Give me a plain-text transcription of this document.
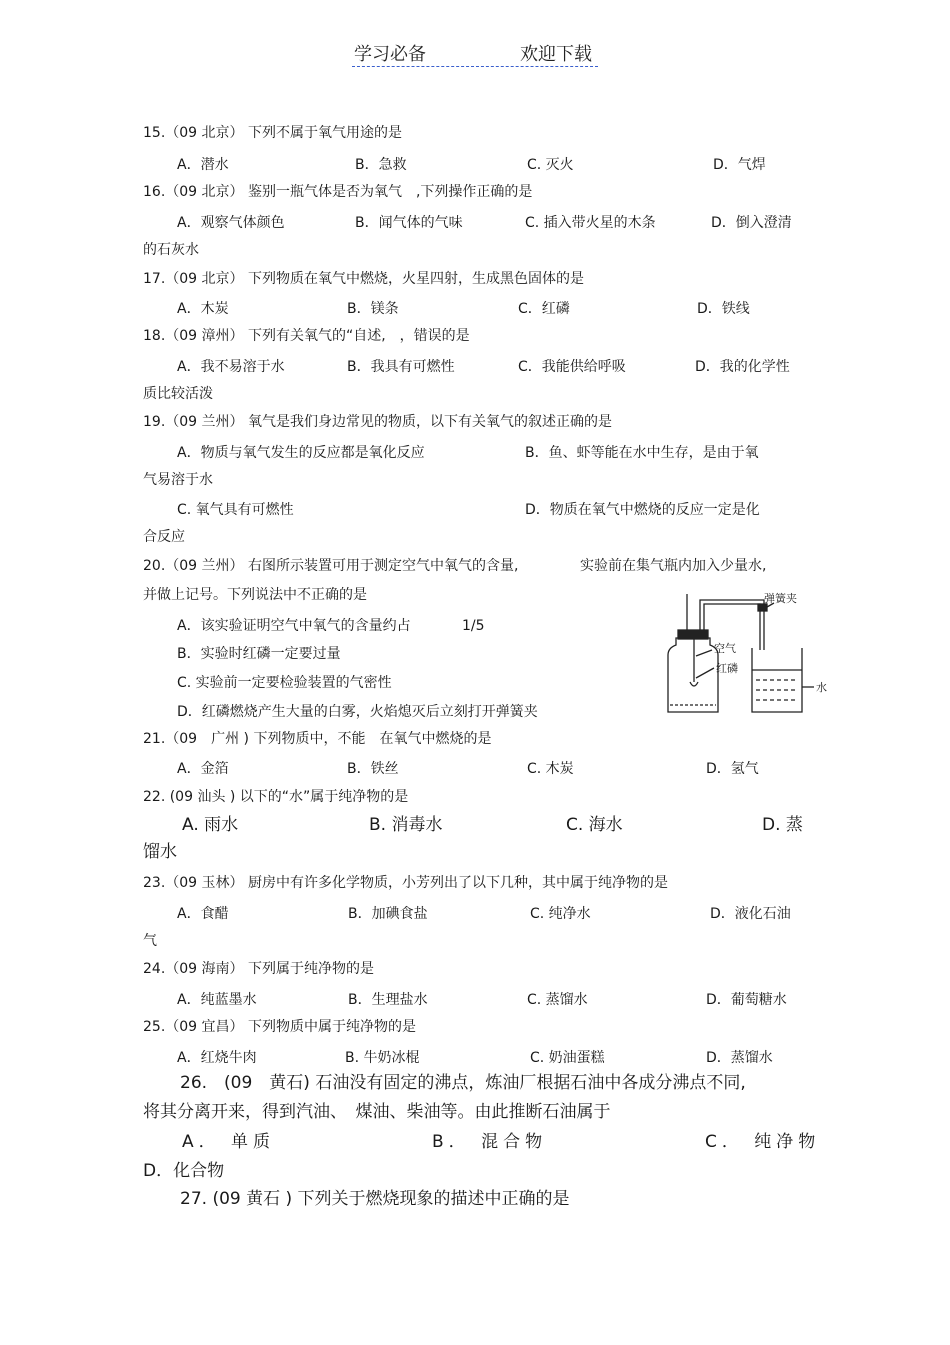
学习必备	欢迎下载
15.（09 北京） 下列不属于氧气用途的是
A．潜水	B．急救	C. 灭火	D．气焊
16.（09 北京） 鉴别一瓶气体是否为氧气　,下列操作正确的是
A．观察气体颜色	B．闻气体的气味	C. 插入带火星的木条	D．倒入澄清
的石灰水
17.（09 北京） 下列物质在氧气中燃烧，火星四射，生成黑色固体的是
A．木炭	B．镁条	C．红磷	D．铁线
18.（09 漳州） 下列有关氧气的“自述,　，错误的是
A．我不易溶于水	B．我具有可燃性	C．我能供给呼吸	D．我的化学性
质比较活泼
19.（09 兰州） 氧气是我们身边常见的物质，以下有关氧气的叙述正确的是
A．物质与氧气发生的反应都是氧化反应	B．鱼、虾等能在水中生存，是由于氧
气易溶于水
C. 氧气具有可燃性	D．物质在氧气中燃烧的反应一定是化
合反应
20.（09 兰州） 右图所示装置可用于测定空气中氧气的含量,	实验前在集气瓶内加入少量水,
并做上记号。下列说法中不正确的是
A．该实验证明空气中氧气的含量约占	1/5
B．实验时红磷一定要过量
C. 实验前一定要检验装置的气密性
D．红磷燃烧产生大量的白雾，火焰熄灭后立刻打开弹簧夹
弹簧夹
空气
红磷
水
21.（09　广州 ) 下列物质中，不能　在氧气中燃烧的是
A．金箔	B．铁丝	C. 木炭	D．氢气
22. (09 汕头 ) 以下的“水”属于纯净物的是
A. 雨水	B. 消毒水	C. 海水	D. 蒸
馏水
23.（09 玉林） 厨房中有许多化学物质，小芳列出了以下几种，其中属于纯净物的是
A．食醋	B．加碘食盐	C. 纯净水	D．液化石油
气
24.（09 海南） 下列属于纯净物的是
A．纯蓝墨水	B．生理盐水	C. 蒸馏水	D．葡萄糖水
25.（09 宜昌） 下列物质中属于纯净物的是
A．红烧牛肉	B. 牛奶冰棍	C. 奶油蛋糕	D．蒸馏水
26.　(09　黄石) 石油没有固定的沸点，炼油厂根据石油中各成分沸点不同,
将其分离开来，得到汽油、　煤油、柴油等。由此推断石油属于
A． 单质	B． 混合物	C． 纯净物
D．化合物
27. (09 黄石 ) 下列关于燃烧现象的描述中正确的是
